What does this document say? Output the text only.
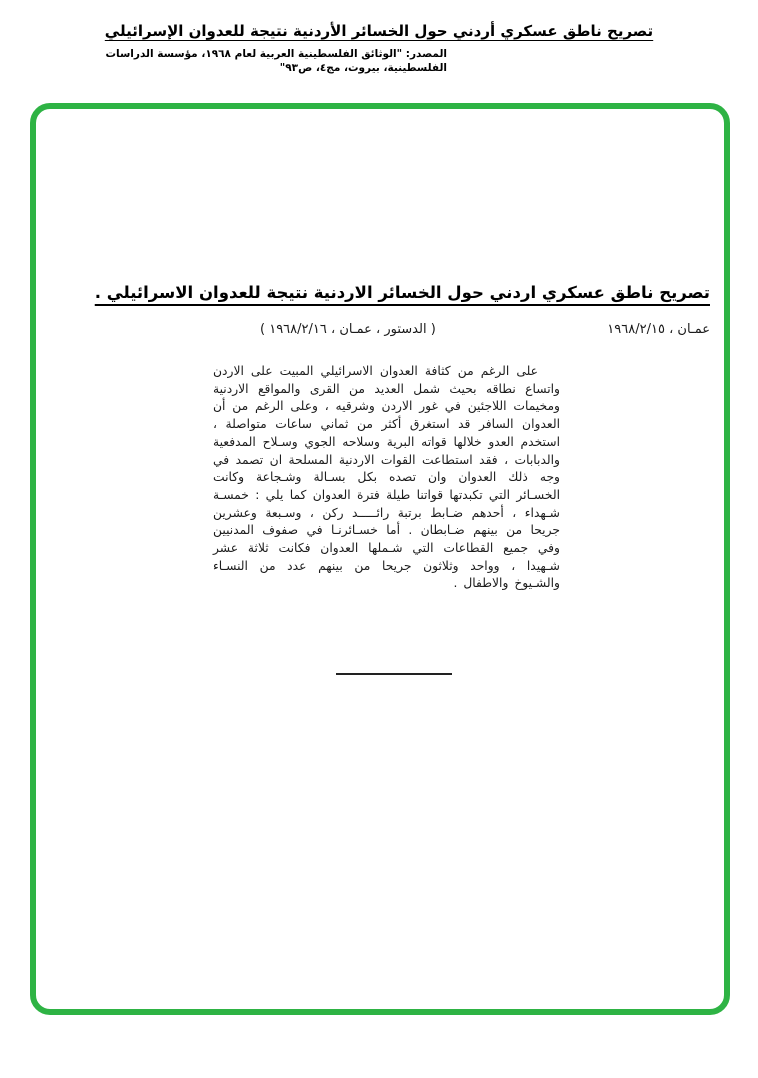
تصريح ناطق عسكري أردني حول الخسائر الأردنية نتيجة للعدوان الإسرائيلي
المصدر: "الوثائق الفلسطينية العربية لعام ١٩٦٨، مؤسسة الدراسات الفلسطينية، بيروت، مج٤، ص٩٣"
تصريح ناطق عسكري اردني حول الخسائر الاردنية نتيجة للعدوان الاسرائيلي .
عمـان ، ١٩٦٨/٢/١٥
( الدستور ، عمـان ، ١٩٦٨/٢/١٦ )

على الرغم من كثافة العدوان الاسرائيلي المبيت على الاردن واتساع نطاقه بحيث شمل العديد من القرى والمواقع الاردنية ومخيمات اللاجئين في غور الاردن وشرقيه ، وعلى الرغم من أن العدوان السافر قد استغرق أكثر من ثماني ساعات متواصلة ، استخدم العدو خلالها قواته البرية وسلاحه الجوي وسـلاح المدفعية والدبابات ، فقد استطاعت القوات الاردنية المسلحة ان تصمد في وجه ذلك العدوان وان تصده بكل بسـالة وشـجاعة وكانت الخسـائر التي تكبدتها قواتنا طيلة فترة العدوان كما يلي : خمسـة شـهداء ، أحدهم ضـابط برتبة رائـــــد ركن ، وسـبعة وعشرين جريحا من بينهم ضـابطان . أما خسـائرنـا في صفوف المدنيين وفي جميع القطاعات التي شـملها العدوان فكانت ثلاثة عشر شـهيدا ، وواحد وثلاثون جريحا من بينهم عدد من النسـاء والشـيوخ والاطفال .
